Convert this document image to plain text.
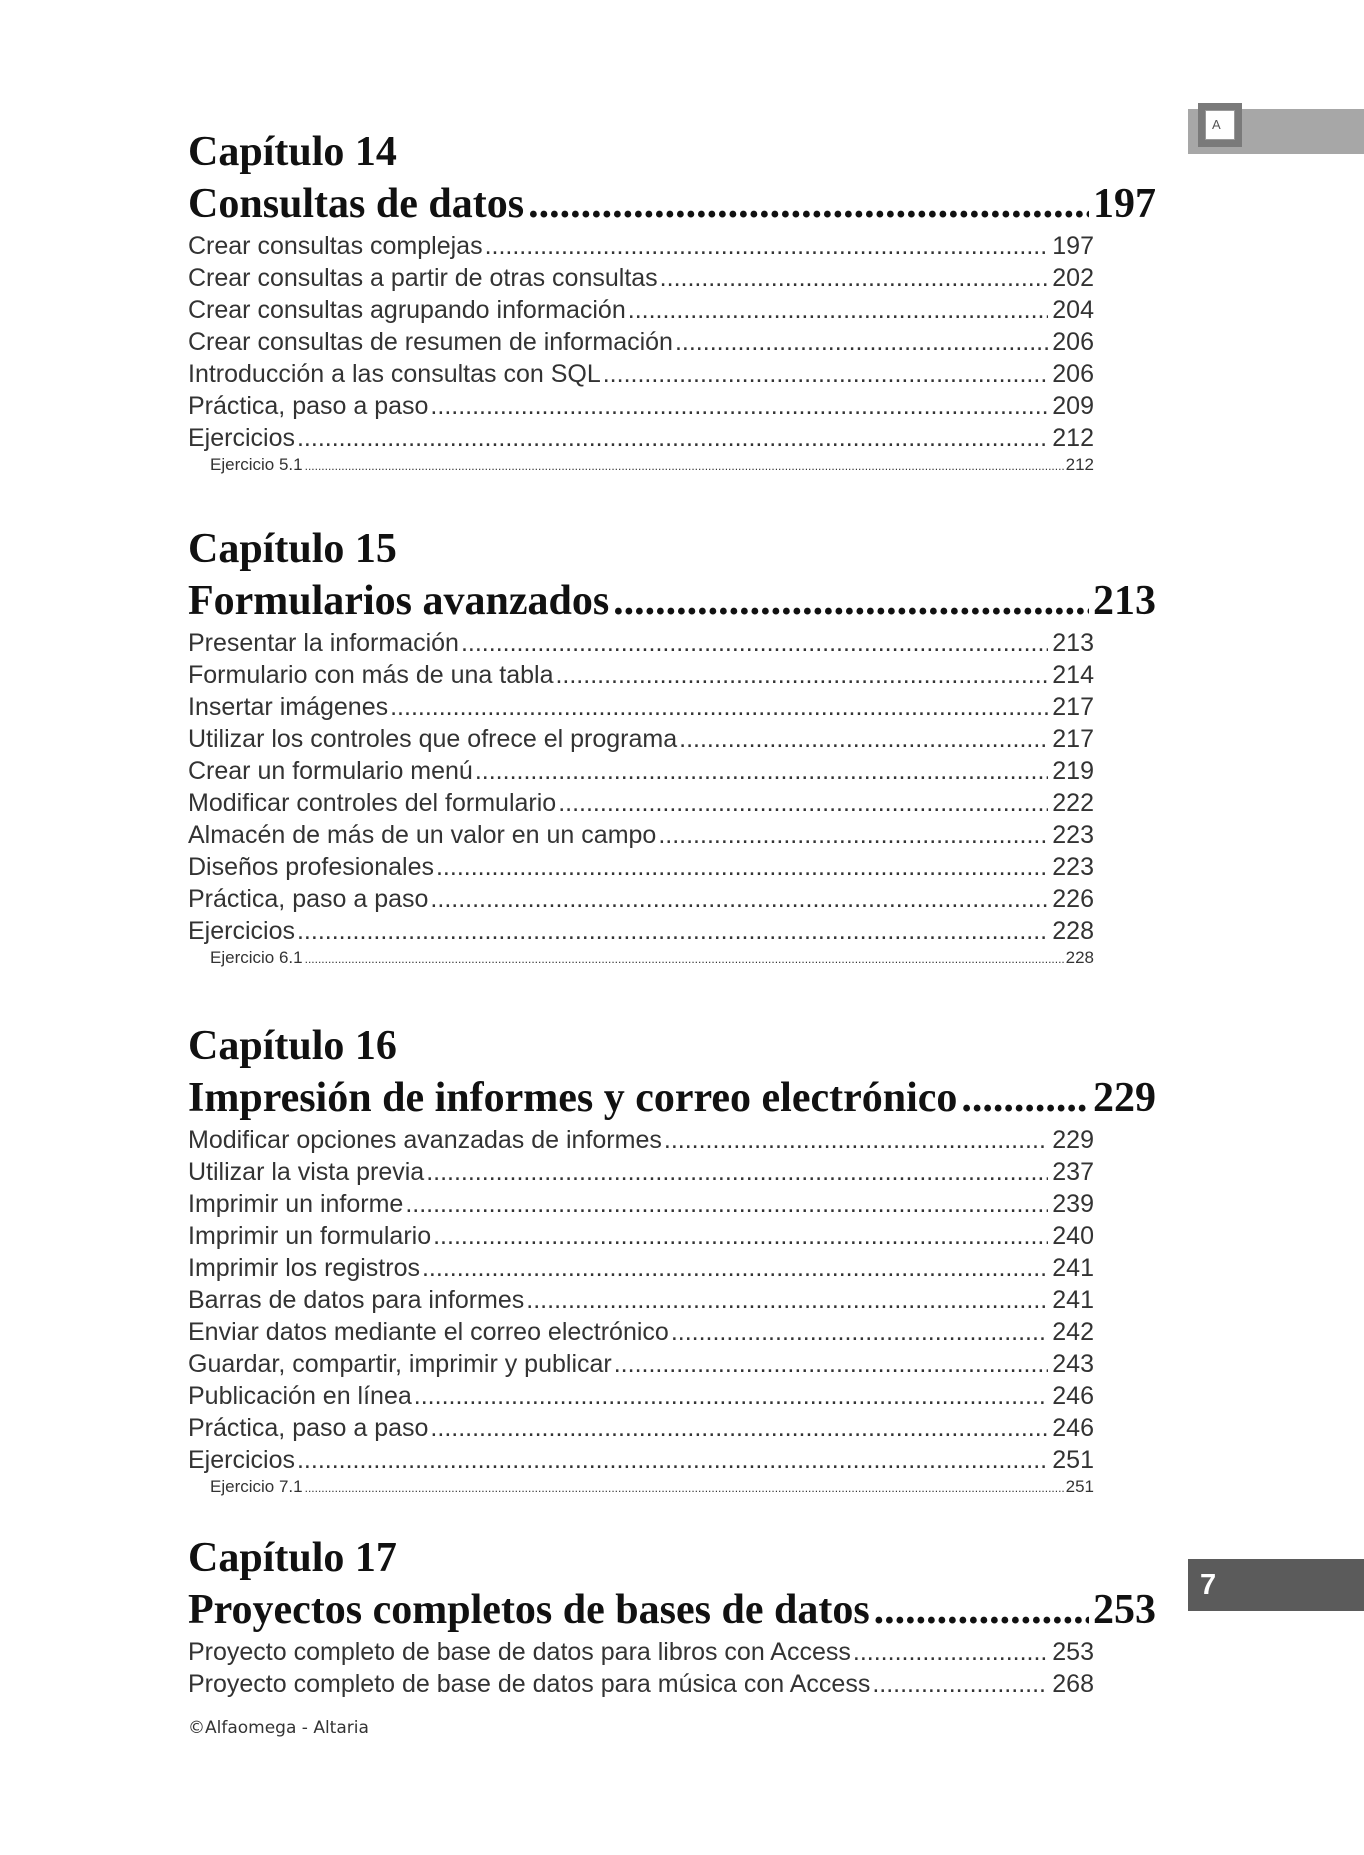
A
7
Capítulo 14
Consultas de datos .....	197
Crear consultas complejas .....	197
Crear consultas a partir de otras consultas .....	202
Crear consultas agrupando información .....	204
Crear consultas de resumen de información .....	206
Introducción a las consultas con SQL .....	206
Práctica, paso a paso .....	209
Ejercicios .....	212
Ejercicio 5.1 .....	212
Capítulo 15
Formularios avanzados .....	213
Presentar la información .....	213
Formulario con más de una tabla .....	214
Insertar imágenes .....	217
Utilizar los controles que ofrece el programa .....	217
Crear un formulario menú .....	219
Modificar controles del formulario .....	222
Almacén de más de un valor en un campo .....	223
Diseños profesionales .....	223
Práctica, paso a paso .....	226
Ejercicios .....	228
Ejercicio 6.1 .....	228
Capítulo 16
Impresión de informes y correo electrónico .....	229
Modificar opciones avanzadas de informes .....	229
Utilizar la vista previa .....	237
Imprimir un informe .....	239
Imprimir un formulario .....	240
Imprimir los registros .....	241
Barras de datos para informes .....	241
Enviar datos mediante el correo electrónico .....	242
Guardar, compartir, imprimir y publicar .....	243
Publicación en línea .....	246
Práctica, paso a paso .....	246
Ejercicios .....	251
Ejercicio 7.1 .....	251
Capítulo 17
Proyectos completos de bases de datos .....	253
Proyecto completo de base de datos para libros con Access .....	253
Proyecto completo de base de datos para música con Access .....	268
©Alfaomega - Altaria
